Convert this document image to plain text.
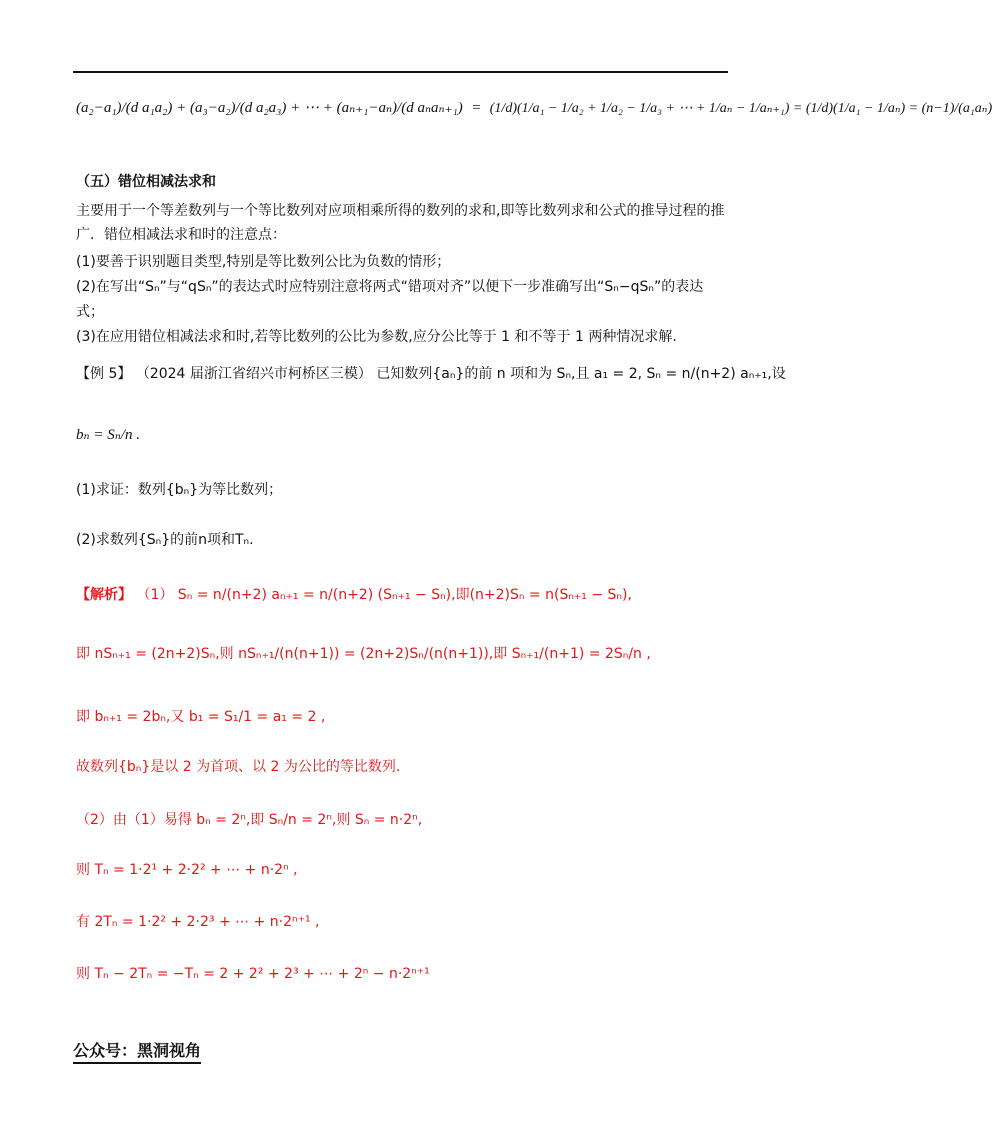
(a₂−a₁)/(d a₁a₂) + (a₃−a₂)/(d a₂a₃) + ⋯ + (aₙ₊₁−aₙ)/(d aₙaₙ₊₁) = (1/d)(1/a₁ − 1/a₂ + 1/a₂ − 1/a₃ + ⋯ + 1/aₙ − 1/aₙ₊₁) = (1/d)(1/a₁ − 1/aₙ) = (n−1)/(a₁aₙ)
（五）错位相减法求和
主要用于一个等差数列与一个等比数列对应项相乘所得的数列的求和,即等比数列求和公式的推导过程的推
广．错位相减法求和时的注意点：
(1)要善于识别题目类型,特别是等比数列公比为负数的情形；
(2)在写出“Sₙ”与“qSₙ”的表达式时应特别注意将两式“错项对齐”以便下一步准确写出“Sₙ−qSₙ”的表达
式；
(3)在应用错位相减法求和时,若等比数列的公比为参数,应分公比等于 1 和不等于 1 两种情况求解.
【例 5】 （2024 届浙江省绍兴市柯桥区三模） 已知数列{aₙ}的前 n 项和为 Sₙ,且 a₁ = 2, Sₙ = n/(n+2) aₙ₊₁,设
bₙ = Sₙ/n .
(1)求证：数列{bₙ}为等比数列；
(2)求数列{Sₙ}的前n项和Tₙ.
【解析】 （1） Sₙ = n/(n+2) aₙ₊₁ = n/(n+2) (Sₙ₊₁ − Sₙ),即(n+2)Sₙ = n(Sₙ₊₁ − Sₙ),
即 nSₙ₊₁ = (2n+2)Sₙ,则 nSₙ₊₁/(n(n+1)) = (2n+2)Sₙ/(n(n+1)),即 Sₙ₊₁/(n+1) = 2Sₙ/n ,
即 bₙ₊₁ = 2bₙ,又 b₁ = S₁/1 = a₁ = 2 ,
故数列{bₙ}是以 2 为首项、以 2 为公比的等比数列.
（2）由（1）易得 bₙ = 2ⁿ,即 Sₙ/n = 2ⁿ,则 Sₙ = n·2ⁿ,
则 Tₙ = 1·2¹ + 2·2² + ⋯ + n·2ⁿ ,
有 2Tₙ = 1·2² + 2·2³ + ⋯ + n·2ⁿ⁺¹ ,
则 Tₙ − 2Tₙ = −Tₙ = 2 + 2² + 2³ + ⋯ + 2ⁿ − n·2ⁿ⁺¹
公众号：黑洞视角
